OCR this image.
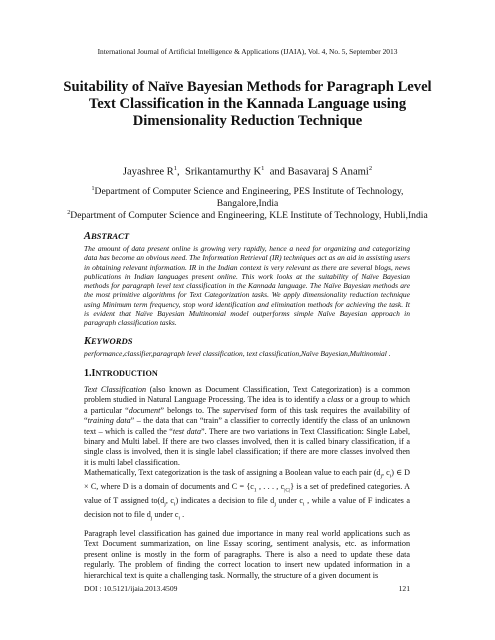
International Journal of Artificial Intelligence & Applications (IJAIA), Vol. 4, No. 5, September 2013
Suitability of Naïve Bayesian Methods for Paragraph Level Text Classification in the Kannada Language using Dimensionality Reduction Technique
Jayashree $R^1$,  Srikantamurthy $K^1$ and Basavaraj S Anami$^2$
$^1$Department of Computer Science and Engineering, PES Institute of Technology, Bangalore,India
$^2$Department of Computer Science and Engineering, KLE Institute of Technology, Hubli,India
ABSTRACT
The amount of data present online is growing very rapidly, hence a need for organizing and categorizing data has become an obvious need. The Information Retrieval (IR) techniques act as an aid in assisting users in obtaining relevant information. IR in the Indian context is very relevant as there are several blogs, news publications in Indian languages present online. This work looks at the suitability of Naïve Bayesian methods for paragraph level text classification in the Kannada language. The Naïve Bayesian methods are the most primitive algorithms for Text Categorization tasks. We apply dimensionality reduction technique using Minimum term frequency, stop word identification and elimination methods for achieving the task. It is evident that Naïve Bayesian Multinomial model outperforms simple Naïve Bayesian approach in paragraph classification tasks.
KEYWORDS
performance,classifier,paragraph level classification, text classification,Naïve Bayesian,Multinomial .
1.INTRODUCTION

Text Classification (also known as Document Classification, Text Categorization) is a common problem studied in Natural Language Processing. The idea is to identify a class or a group to which a particular “document” belongs to. The supervised form of this task requires the availability of “training data” – the data that can “train” a classifier to correctly identify the class of an unknown text – which is called the “test data”. There are two variations in Text Classification: Single Label, binary and Multi label. If there are two classes involved, then it is called binary classification, if a single class is involved, then it is single label classification; if there are more classes involved then it is multi label classification.

Mathematically, Text categorization is the task of assigning a Boolean value to each pair ($d_j$, $c_i$) ∈ D × C, where D is a domain of documents and $C = \{c_1$ , . . . , $c_{|C|}$} is a set of predefined categories. A value of T assigned $to(d_j$, $c_i$) indicates a decision to file $d_j$ under $c_i$ , while a value of F indicates a decision not to file $d_j$ under $c_i$ .

Paragraph level classification has gained due importance in many real world applications such as Text Document summarization, on line Essay scoring, sentiment analysis, etc. as information present online is mostly in the form of paragraphs. There is also a need to update these data regularly. The problem of finding the correct location to insert new updated information in a hierarchical text is quite a challenging task. Normally, the structure of a given document is

DOI : 10.5121/ijaia.2013.4509	121
